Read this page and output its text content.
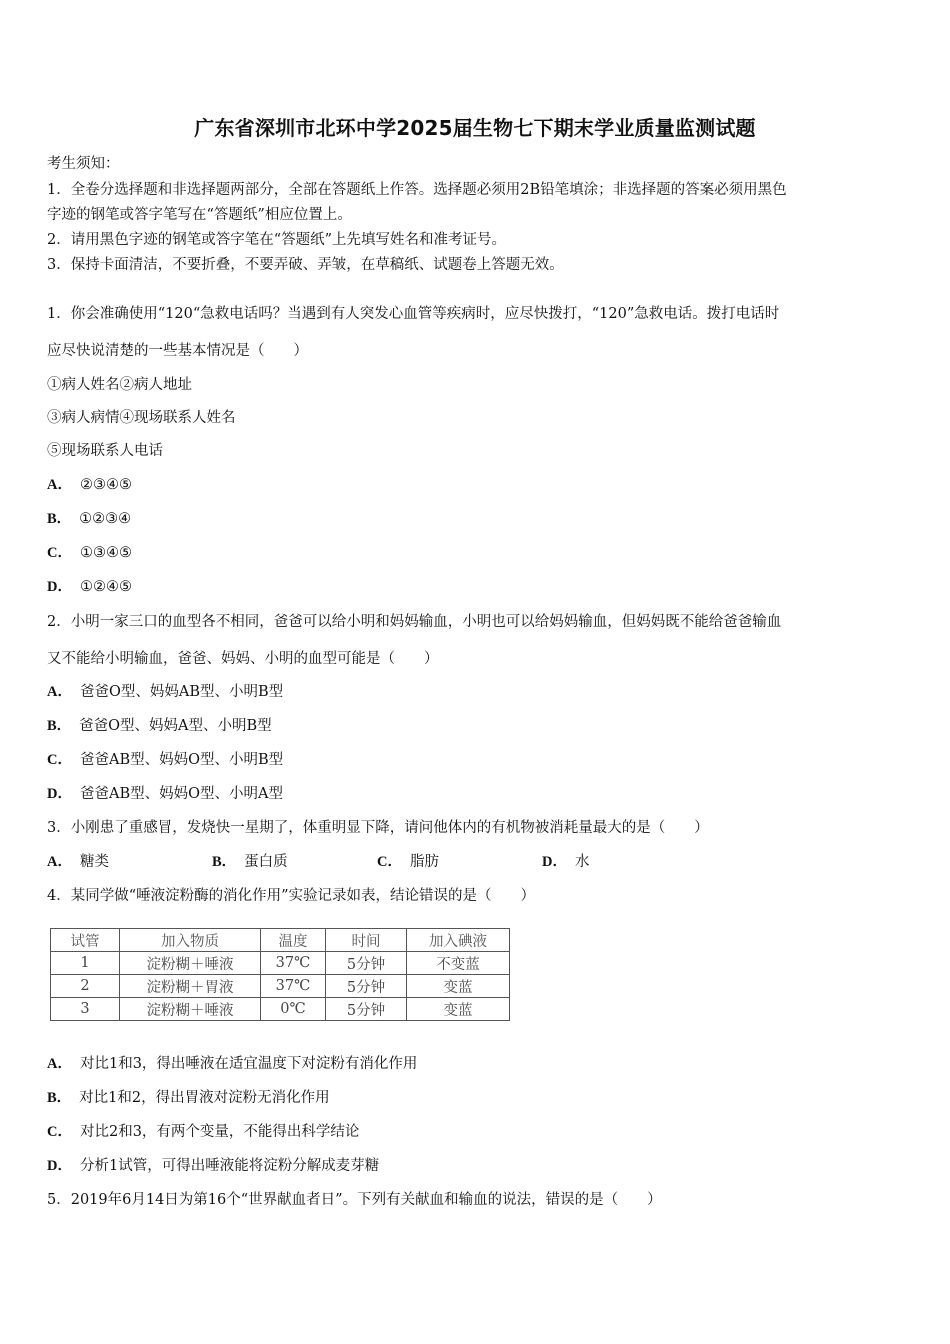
广东省深圳市北环中学2025届生物七下期末学业质量监测试题
考生须知：
1．全卷分选择题和非选择题两部分，全部在答题纸上作答。选择题必须用2B铅笔填涂；非选择题的答案必须用黑色
字迹的钢笔或答字笔写在“答题纸”相应位置上。
2．请用黑色字迹的钢笔或答字笔在“答题纸”上先填写姓名和准考证号。
3．保持卡面清洁，不要折叠，不要弄破、弄皱，在草稿纸、试题卷上答题无效。
1．你会准确使用“120“急救电话吗？当遇到有人突发心血管等疾病时，应尽快拨打，“120”急救电话。拨打电话时
应尽快说清楚的一些基本情况是（　　）
①病人姓名②病人地址
③病人病情④现场联系人姓名
⑤现场联系人电话
A． ②③④⑤
B． ①②③④
C． ①③④⑤
D． ①②④⑤
2．小明一家三口的血型各不相同，爸爸可以给小明和妈妈输血，小明也可以给妈妈输血，但妈妈既不能给爸爸输血
又不能给小明输血，爸爸、妈妈、小明的血型可能是（　　）
A． 爸爸O型、妈妈AB型、小明B型
B． 爸爸O型、妈妈A型、小明B型
C． 爸爸AB型、妈妈O型、小明B型
D． 爸爸AB型、妈妈O型、小明A型
3．小刚患了重感冒，发烧快一星期了，体重明显下降，请问他体内的有机物被消耗量最大的是（　　）
A． 糖类	B． 蛋白质	C． 脂肪	D． 水
4．某同学做“唾液淀粉酶的消化作用”实验记录如表，结论错误的是（　　）
试管	加入物质	温度	时间	加入碘液
1	淀粉糊＋唾液	37℃	5分钟	不变蓝
2	淀粉糊＋胃液	37℃	5分钟	变蓝
3	淀粉糊＋唾液	0℃	5分钟	变蓝
A． 对比1和3，得出唾液在适宜温度下对淀粉有消化作用
B． 对比1和2，得出胃液对淀粉无消化作用
C． 对比2和3，有两个变量，不能得出科学结论
D． 分析1试管，可得出唾液能将淀粉分解成麦芽糖
5．2019年6月14日为第16个“世界献血者日”。下列有关献血和输血的说法，错误的是（　　）
